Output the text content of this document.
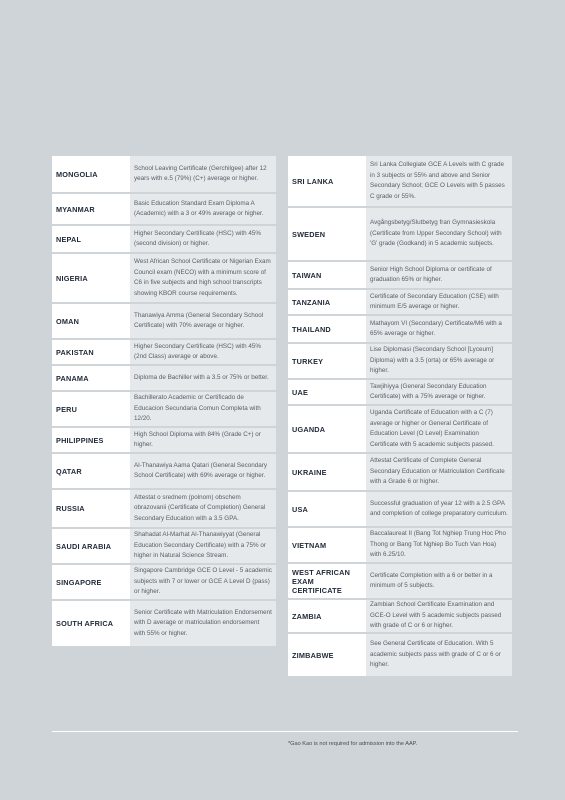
MONGOLIA
School Leaving Certificate (Gerchilgee) after 12 years with e.5 (79%) (C+) average or higher.
MYANMAR
Basic Education Standard Exam Diploma A (Academic) with a 3 or 49% average or higher.
NEPAL
Higher Secondary Certificate (HSC) with 45% (second division) or higher.
NIGERIA
West African School Certificate or Nigerian Exam Council exam (NECO) with a minimum score of C6 in five subjects and high school transcripts showing KBOR course requirements.
OMAN
Thanawiya Amma (General Secondary School Certificate) with 70% average or higher.
PAKISTAN
Higher Secondary Certificate (HSC) with 45% (2nd Class) average or above.
PANAMA	Diploma de Bachiller with a 3.5 or 75% or better.
PERU
Bachillerato Academic or Certificado de Educacion Secundaria Comun Completa with 12/20.
PHILIPPINES
High School Diploma with 84% (Grade C+) or higher.
QATAR
Al-Thanawiya Aama Qatari (General Secondary School Certificate) with 69% average or higher.
RUSSIA
Attestat o srednem (polnom) obschem obrazovanii (Certificate of Completion) General Secondary Education with a 3.5 GPA.
SAUDI ARABIA
Shahadat Al-Marhat Al-Thanawiyyat (General Education Secondary Certificate) with a 75% or higher in Natural Science Stream.
SINGAPORE
Singapore Cambridge GCE O Level - 5 academic subjects with 7 or lower or GCE A Level D (pass) or higher.
SOUTH AFRICA
Senior Certificate with Matriculation Endorsement with D average or matriculation endorsement with 55% or higher.
SRI LANKA
Sri Lanka Collegiate GCE A Levels with C grade in 3 subjects or 55% and above and Senior Secondary School; GCE O Levels with 5 passes C grade or 55%.
SWEDEN
Avgångsbetyg/Slutbetyg fran Gymnasieskola (Certificate from Upper Secondary School) with 'G' grade (Godkand) in 5 academic subjects.
TAIWAN
Senior High School Diploma or certificate of graduation 65% or higher.
TANZANIA
Certificate of Secondary Education (CSE) with minimum E/5 average or higher.
THAILAND
Mathayom VI (Secondary) Certificate/M6 with a 65% average or higher.
TURKEY
Lise Diplomasi (Secondary School [Lyceum] Diploma) with a 3.5 (orta) or 65% average or higher.
UAE
Tawjihiyya (General Secondary Education Certificate) with a 75% average or higher.
UGANDA
Uganda Certificate of Education with a C (7) average or higher or General Certificate of Education Level (O Level) Examination Certificate with 5 academic subjects passed.
UKRAINE
Attestat Certificate of Complete General Secondary Education or Matriculation Certificate with a Grade 6 or higher.
USA
Successful graduation of year 12 with a 2.5 GPA and completion of college preparatory curriculum.
VIETNAM
Baccalaureat II (Bang Tot Nghiep Trung Hoc Pho Thong or Bang Tot Nghiep Bo Tuch Van Hoa) with 6.25/10.
WEST AFRICAN EXAM CERTIFICATE
Certificate Completion with a 6 or better in a minimum of 5 subjects.
ZAMBIA
Zambian School Certificate Examination and GCE-O Level with 5 academic subjects passed with grade of C or 6 or higher.
ZIMBABWE
See General Certificate of Education. With 5 academic subjects pass with grade of C or 6 or higher.
*Gao Kao is not required for admission into the AAP.
